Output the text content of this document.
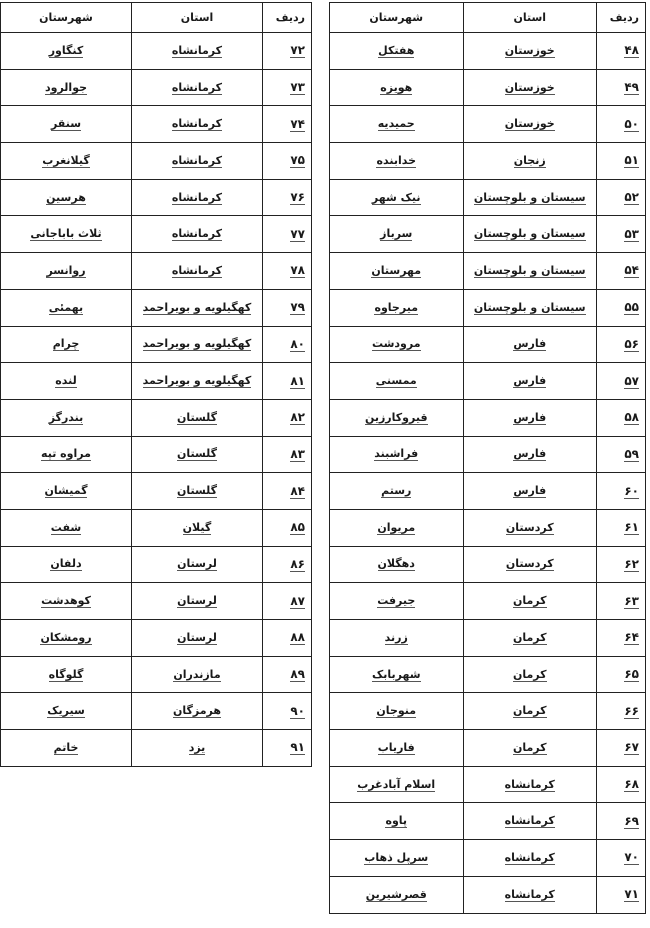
ردیف	استان	شهرستان
۴۸	خوزستان	هفتکل
۴۹	خوزستان	هویزه
۵۰	خوزستان	حمیدیه
۵۱	زنجان	خدابنده
۵۲	سیستان و بلوچستان	نیک شهر
۵۳	سیستان و بلوچستان	سرباز
۵۴	سیستان و بلوچستان	مهرستان
۵۵	سیستان و بلوچستان	میرجاوه
۵۶	فارس	مرودشت
۵۷	فارس	ممسنی
۵۸	فارس	قیروکارزین
۵۹	فارس	فراشبند
۶۰	فارس	رستم
۶۱	کردستان	مریوان
۶۲	کردستان	دهگلان
۶۳	کرمان	جیرفت
۶۴	کرمان	زرند
۶۵	کرمان	شهربابک
۶۶	کرمان	منوجان
۶۷	کرمان	فاریاب
۶۸	کرمانشاه	اسلام آبادغرب
۶۹	کرمانشاه	پاوه
۷۰	کرمانشاه	سرپل ذهاب
۷۱	کرمانشاه	قصرشیرین
ردیف	استان	شهرستان
۷۲	کرمانشاه	کنگاور
۷۳	کرمانشاه	جوالرود
۷۴	کرمانشاه	سنقر
۷۵	کرمانشاه	گیلانغرب
۷۶	کرمانشاه	هرسین
۷۷	کرمانشاه	ثلاث باباجانی
۷۸	کرمانشاه	روانسر
۷۹	کهگیلویه و بویراحمد	بهمئی
۸۰	کهگیلویه و بویراحمد	چرام
۸۱	کهگیلویه و بویراحمد	لنده
۸۲	گلستان	بندرگز
۸۳	گلستان	مراوه تپه
۸۴	گلستان	گمیشان
۸۵	گیلان	شفت
۸۶	لرستان	دلفان
۸۷	لرستان	کوهدشت
۸۸	لرستان	رومشکان
۸۹	مازندران	گلوگاه
۹۰	هرمزگان	سیریک
۹۱	یزد	خاتم
